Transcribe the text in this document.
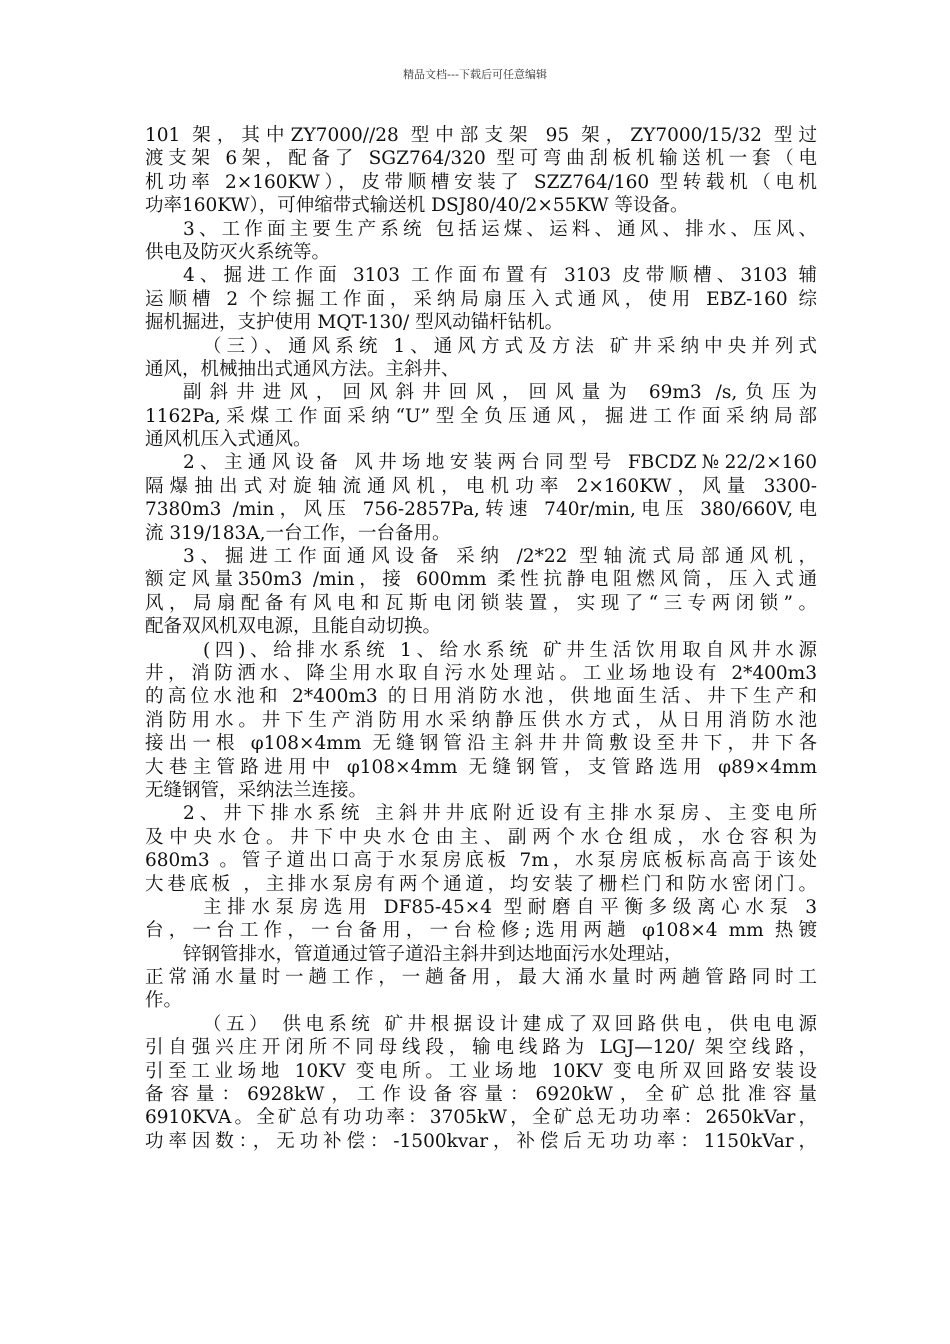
精品文档---下载后可任意编辑
101 架，其中ZY7000//28 型中部支架 95 架，ZY7000/15/32 型过
渡支架 6架，配备了 SGZ764/320 型可弯曲刮板机输送机一套（电
机功率 2×160KW），皮带顺槽安装了 SZZ764/160 型转载机（电机
功率160KW），可伸缩带式输送机 DSJ80/40/2×55KW 等设备。
3、工作面主要生产系统 包括运煤、运料、通风、排水、压风、
供电及防灭火系统等。
4、掘进工作面 3103 工作面布置有 3103 皮带顺槽、3103 辅
运顺槽 2 个综掘工作面，采纳局扇压入式通风，使用 EBZ-160 综
掘机掘进，支护使用 MQT-130/ 型风动锚杆钻机。
（三）、通风系统 1、通风方式及方法 矿井采纳中央并列式
通风，机械抽出式通风方法。主斜井、
副斜井进风，回风斜井回风，回风量为 69m3 /s,负压为
1162Pa,采煤工作面采纳“U”型全负压通风，掘进工作面采纳局部
通风机压入式通风。
2、主通风设备 风井场地安装两台同型号 FBCDZ№22/2×160
隔爆抽出式对旋轴流通风机，电机功率 2×160KW，风量 3300-
7380m3 /min，风压 756-2857Pa,转速 740r/min,电压 380/660V,电
流 319/183A,一台工作，一台备用。
3、掘进工作面通风设备 采纳 /2*22 型轴流式局部通风机，
额定风量350m3 /min，接 600mm 柔性抗静电阻燃风筒，压入式通
风，局扇配备有风电和瓦斯电闭锁装置，实现了“三专两闭锁”。
配备双风机双电源，且能自动切换。
(四)、给排水系统 1、给水系统 矿井生活饮用取自风井水源
井，消防洒水、降尘用水取自污水处理站。工业场地设有 2*400m3
的高位水池和 2*400m3 的日用消防水池，供地面生活、井下生产和
消防用水。井下生产消防用水采纳静压供水方式，从日用消防水池
接出一根 φ108×4mm 无缝钢管沿主斜井井筒敷设至井下，井下各
大巷主管路进用中 φ108×4mm 无缝钢管，支管路选用 φ89×4mm
无缝钢管，采纳法兰连接。
2、井下排水系统 主斜井井底附近设有主排水泵房、主变电所
及中央水仓。井下中央水仓由主、副两个水仓组成，水仓容积为
680m3 。管子道出口高于水泵房底板 7m，水泵房底板标高高于该处
大巷底板 ，主排水泵房有两个通道，均安装了栅栏门和防水密闭门。
主排水泵房选用 DF85-45×4 型耐磨自平衡多级离心水泵 3
台，一台工作，一台备用，一台检修;选用两趟 φ108×4 mm 热镀
锌钢管排水，管道通过管子道沿主斜井到达地面污水处理站，
正常涌水量时一趟工作，一趟备用，最大涌水量时两趟管路同时工
作。
（五） 供电系统 矿井根据设计建成了双回路供电，供电电源
引自强兴庄开闭所不同母线段，输电线路为 LGJ—120/ 架空线路，
引至工业场地 10KV 变电所。工业场地 10KV 变电所双回路安装设
备容量：6928kW，工作设备容量：6920kW，全矿总批准容量
6910KVA。全矿总有功功率：3705kW，全矿总无功功率：2650kVar，
功率因数：，无功补偿：-1500kvar，补偿后无功功率：1150kVar，
